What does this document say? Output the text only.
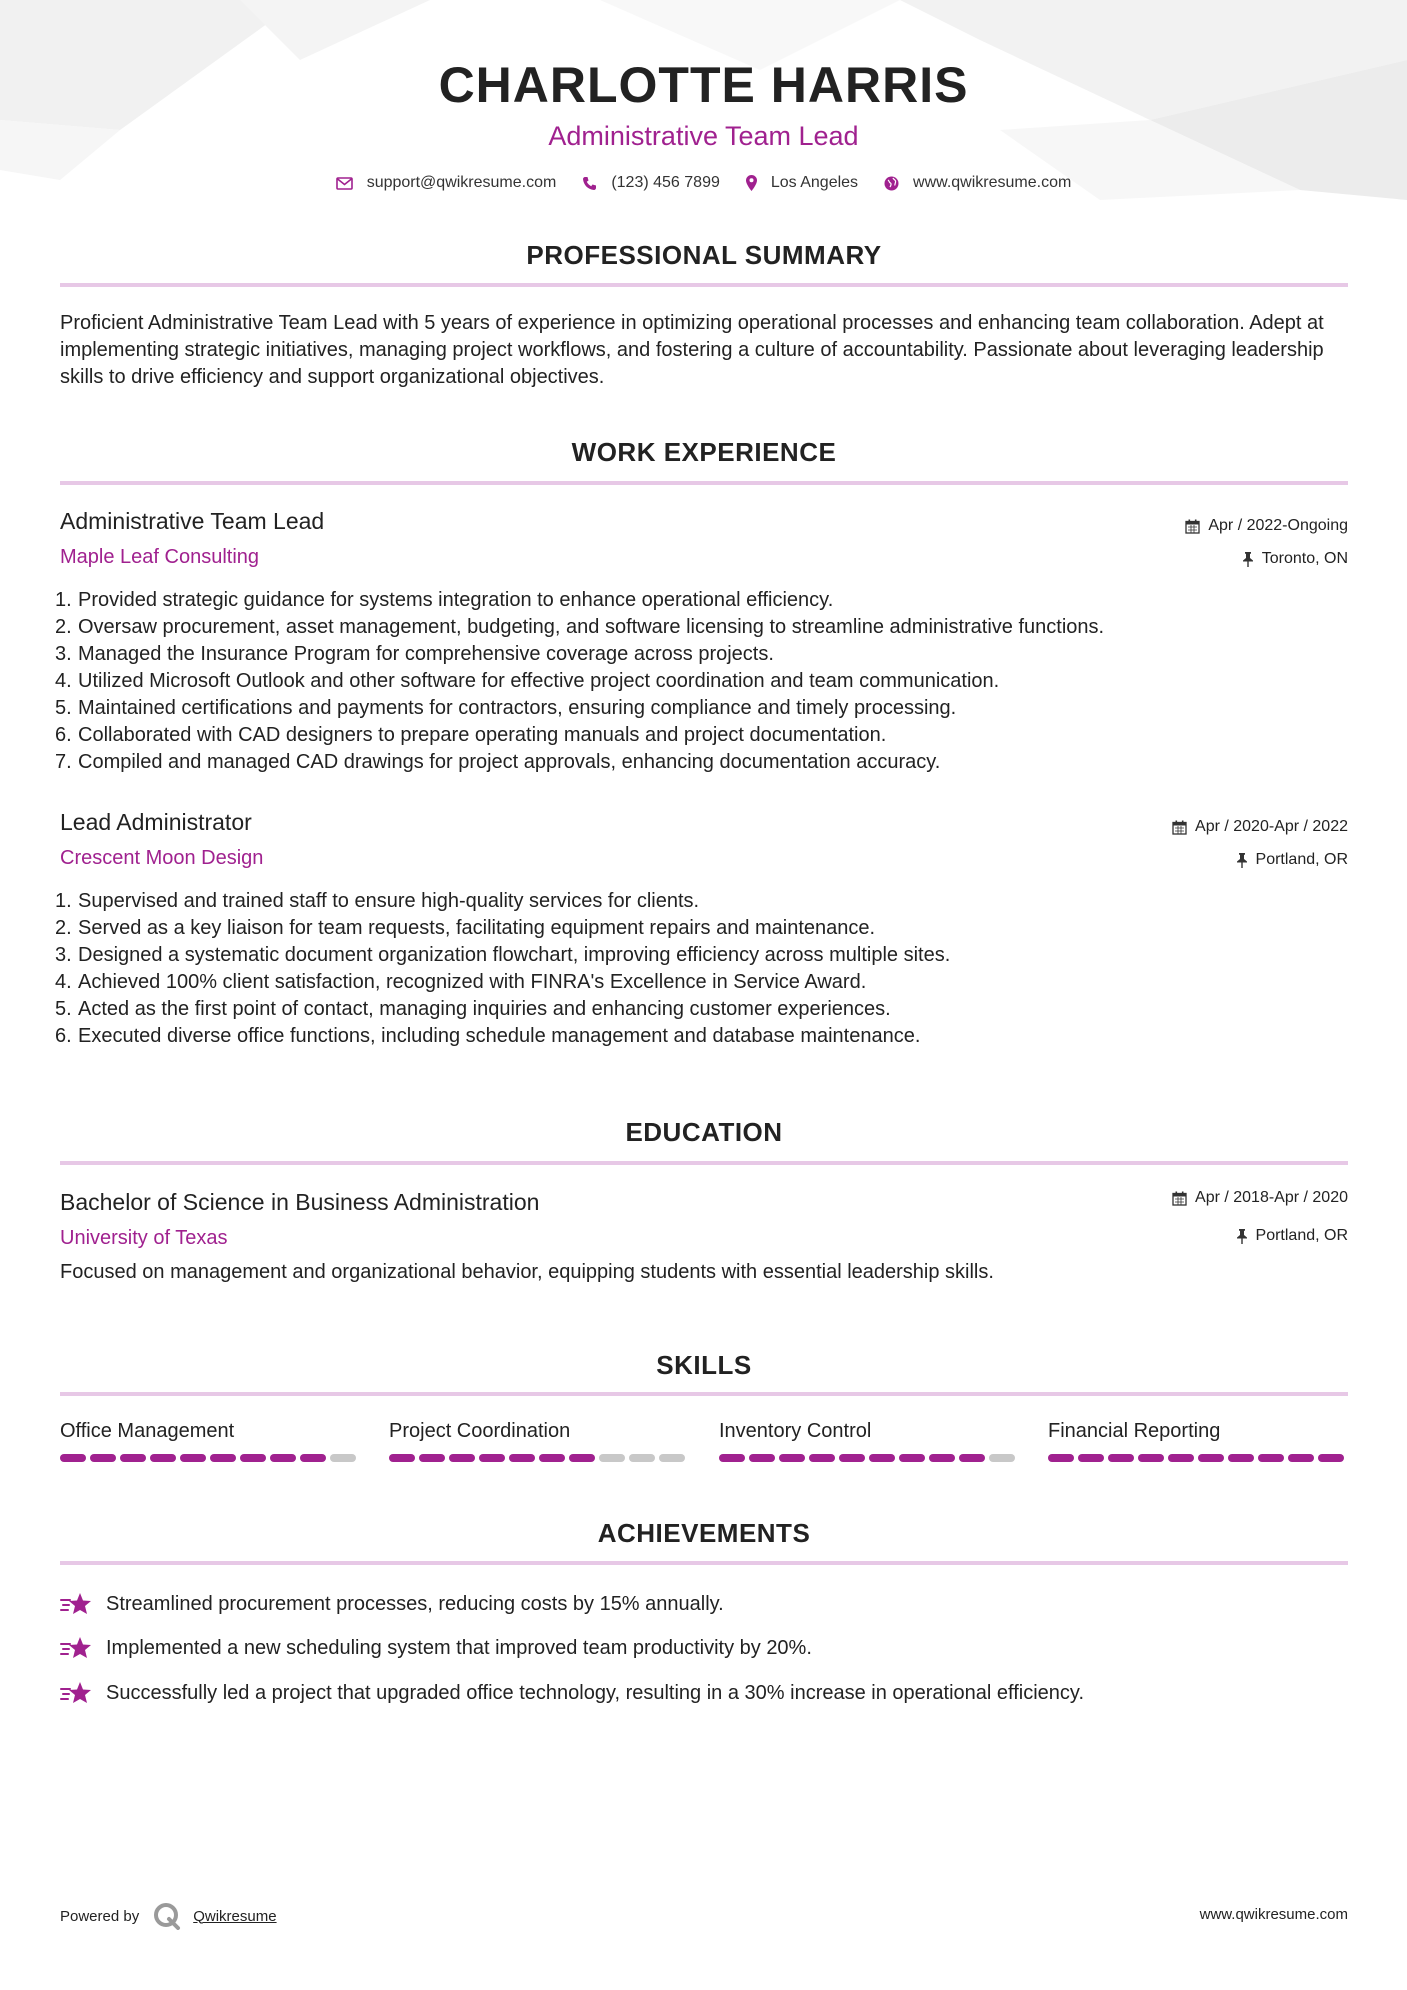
CHARLOTTE HARRIS
Administrative Team Lead
support@qwikresume.com	(123) 456 7899	Los Angeles	www.qwikresume.com
PROFESSIONAL SUMMARY
Proficient Administrative Team Lead with 5 years of experience in optimizing operational processes and enhancing team collaboration. Adept at implementing strategic initiatives, managing project workflows, and fostering a culture of accountability. Passionate about leveraging leadership skills to drive efficiency and support organizational objectives.
WORK EXPERIENCE
Administrative Team Lead
Maple Leaf Consulting
Apr / 2022-Ongoing
Toronto, ON
1. Provided strategic guidance for systems integration to enhance operational efficiency.
2. Oversaw procurement, asset management, budgeting, and software licensing to streamline administrative functions.
3. Managed the Insurance Program for comprehensive coverage across projects.
4. Utilized Microsoft Outlook and other software for effective project coordination and team communication.
5. Maintained certifications and payments for contractors, ensuring compliance and timely processing.
6. Collaborated with CAD designers to prepare operating manuals and project documentation.
7. Compiled and managed CAD drawings for project approvals, enhancing documentation accuracy.
Lead Administrator
Crescent Moon Design
Apr / 2020-Apr / 2022
Portland, OR
1. Supervised and trained staff to ensure high-quality services for clients.
2. Served as a key liaison for team requests, facilitating equipment repairs and maintenance.
3. Designed a systematic document organization flowchart, improving efficiency across multiple sites.
4. Achieved 100% client satisfaction, recognized with FINRA's Excellence in Service Award.
5. Acted as the first point of contact, managing inquiries and enhancing customer experiences.
6. Executed diverse office functions, including schedule management and database maintenance.
EDUCATION
Bachelor of Science in Business Administration
University of Texas
Apr / 2018-Apr / 2020
Portland, OR
Focused on management and organizational behavior, equipping students with essential leadership skills.
SKILLS
Office Management	Project Coordination	Inventory Control	Financial Reporting
ACHIEVEMENTS
Streamlined procurement processes, reducing costs by 15% annually.
Implemented a new scheduling system that improved team productivity by 20%.
Successfully led a project that upgraded office technology, resulting in a 30% increase in operational efficiency.
Powered by	Qwikresume	www.qwikresume.com
